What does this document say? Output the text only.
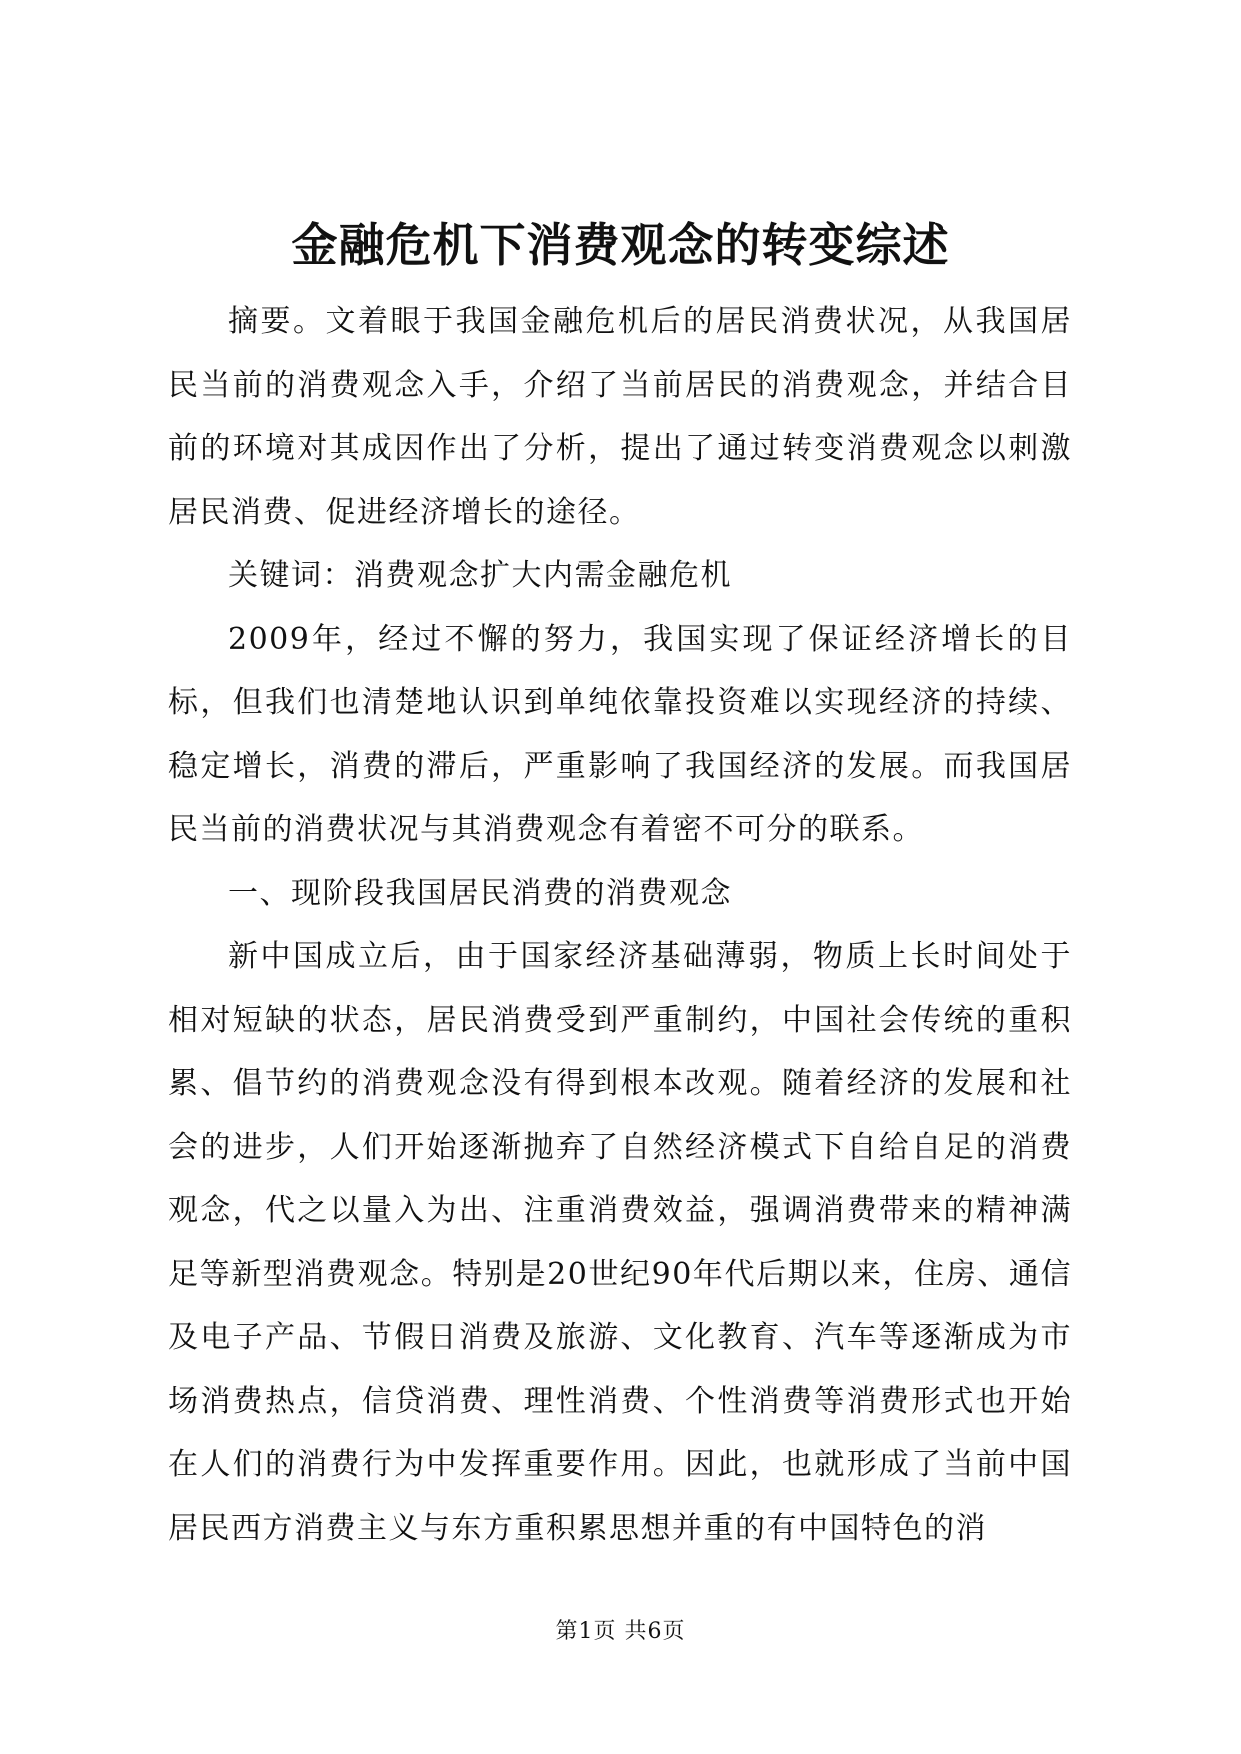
金融危机下消费观念的转变综述

摘要。文着眼于我国金融危机后的居民消费状况，从我国居民当前的消费观念入手，介绍了当前居民的消费观念，并结合目前的环境对其成因作出了分析，提出了通过转变消费观念以刺激居民消费、促进经济增长的途径。

关键词：消费观念扩大内需金融危机

2009年，经过不懈的努力，我国实现了保证经济增长的目标，但我们也清楚地认识到单纯依靠投资难以实现经济的持续、稳定增长，消费的滞后，严重影响了我国经济的发展。而我国居民当前的消费状况与其消费观念有着密不可分的联系。

一、现阶段我国居民消费的消费观念

新中国成立后，由于国家经济基础薄弱，物质上长时间处于相对短缺的状态，居民消费受到严重制约，中国社会传统的重积累、倡节约的消费观念没有得到根本改观。随着经济的发展和社会的进步，人们开始逐渐抛弃了自然经济模式下自给自足的消费观念，代之以量入为出、注重消费效益，强调消费带来的精神满足等新型消费观念。特别是20世纪90年代后期以来，住房、通信及电子产品、节假日消费及旅游、文化教育、汽车等逐渐成为市场消费热点，信贷消费、理性消费、个性消费等消费形式也开始在人们的消费行为中发挥重要作用。因此，也就形成了当前中国居民西方消费主义与东方重积累思想并重的有中国特色的消

第1页 共6页
